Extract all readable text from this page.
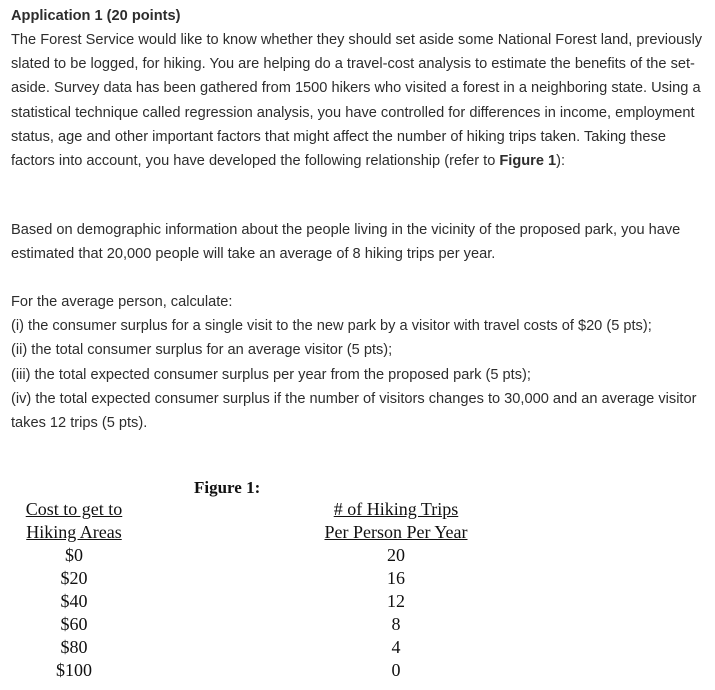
Application 1 (20 points)
The Forest Service would like to know whether they should set aside some National Forest land, previously slated to be logged, for hiking. You are helping do a travel-cost analysis to estimate the benefits of the set-aside. Survey data has been gathered from 1500 hikers who visited a forest in a neighboring state. Using a statistical technique called regression analysis, you have controlled for differences in income, employment status, age and other important factors that might affect the number of hiking trips taken. Taking these factors into account, you have developed the following relationship (refer to Figure 1):
Based on demographic information about the people living in the vicinity of the proposed park, you have estimated that 20,000 people will take an average of 8 hiking trips per year.
For the average person, calculate:
(i) the consumer surplus for a single visit to the new park by a visitor with travel costs of $20 (5 pts);
(ii) the total consumer surplus for an average visitor (5 pts);
(iii) the total expected consumer surplus per year from the proposed park (5 pts);
(iv) the total expected consumer surplus if the number of visitors changes to 30,000 and an average visitor takes 12 trips (5 pts).
Figure 1:
Cost to get to
Hiking Areas
$0
$20
$40
$60
$80
$100
# of Hiking Trips
Per Person Per Year
20
16
12
8
4
0
